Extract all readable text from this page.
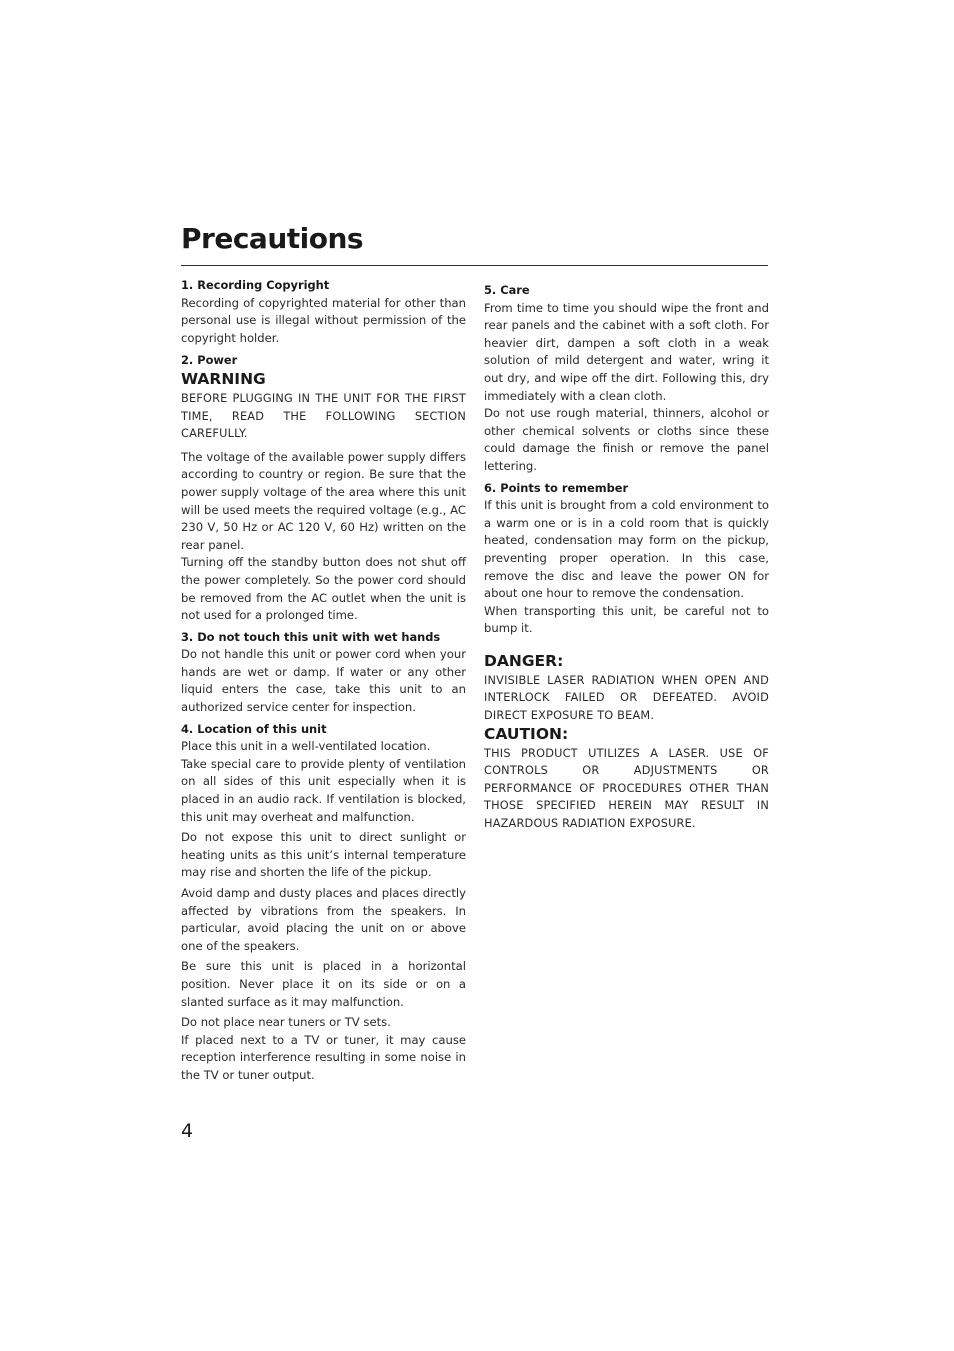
Precautions

1. Recording Copyright

Recording of copyrighted material for other than personal use is illegal without permission of the copyright holder.

2. Power

WARNING

BEFORE PLUGGING IN THE UNIT FOR THE FIRST TIME, READ THE FOLLOWING SECTION CAREFULLY.

The voltage of the available power supply differs according to country or region. Be sure that the power supply voltage of the area where this unit will be used meets the required voltage (e.g., AC 230 V, 50 Hz or AC 120 V, 60 Hz) written on the rear panel.

Turning off the standby button does not shut off the power completely. So the power cord should be removed from the AC outlet when the unit is not used for a prolonged time.

3. Do not touch this unit with wet hands

Do not handle this unit or power cord when your hands are wet or damp. If water or any other liquid enters the case, take this unit to an authorized service center for inspection.

4. Location of this unit

Place this unit in a well-ventilated location.

Take special care to provide plenty of ventilation on all sides of this unit especially when it is placed in an audio rack. If ventilation is blocked, this unit may overheat and malfunction.

Do not expose this unit to direct sunlight or heating units as this unit’s internal temperature may rise and shorten the life of the pickup.

Avoid damp and dusty places and places directly affected by vibrations from the speakers. In particular, avoid placing the unit on or above one of the speakers.

Be sure this unit is placed in a horizontal position. Never place it on its side or on a slanted surface as it may malfunction.

Do not place near tuners or TV sets.

If placed next to a TV or tuner, it may cause reception interference resulting in some noise in the TV or tuner output.

5. Care

From time to time you should wipe the front and rear panels and the cabinet with a soft cloth. For heavier dirt, dampen a soft cloth in a weak solution of mild detergent and water, wring it out dry, and wipe off the dirt. Following this, dry immediately with a clean cloth.

Do not use rough material, thinners, alcohol or other chemical solvents or cloths since these could damage the finish or remove the panel lettering.

6. Points to remember

If this unit is brought from a cold environment to a warm one or is in a cold room that is quickly heated, condensation may form on the pickup, preventing proper operation. In this case, remove the disc and leave the power ON for about one hour to remove the condensation.

When transporting this unit, be careful not to bump it.

DANGER:

INVISIBLE LASER RADIATION WHEN OPEN AND INTERLOCK FAILED OR DEFEATED. AVOID DIRECT EXPOSURE TO BEAM.

CAUTION:

THIS PRODUCT UTILIZES A LASER. USE OF CONTROLS OR ADJUSTMENTS OR PERFORMANCE OF PROCEDURES OTHER THAN THOSE SPECIFIED HEREIN MAY RESULT IN HAZARDOUS RADIATION EXPOSURE.

4
